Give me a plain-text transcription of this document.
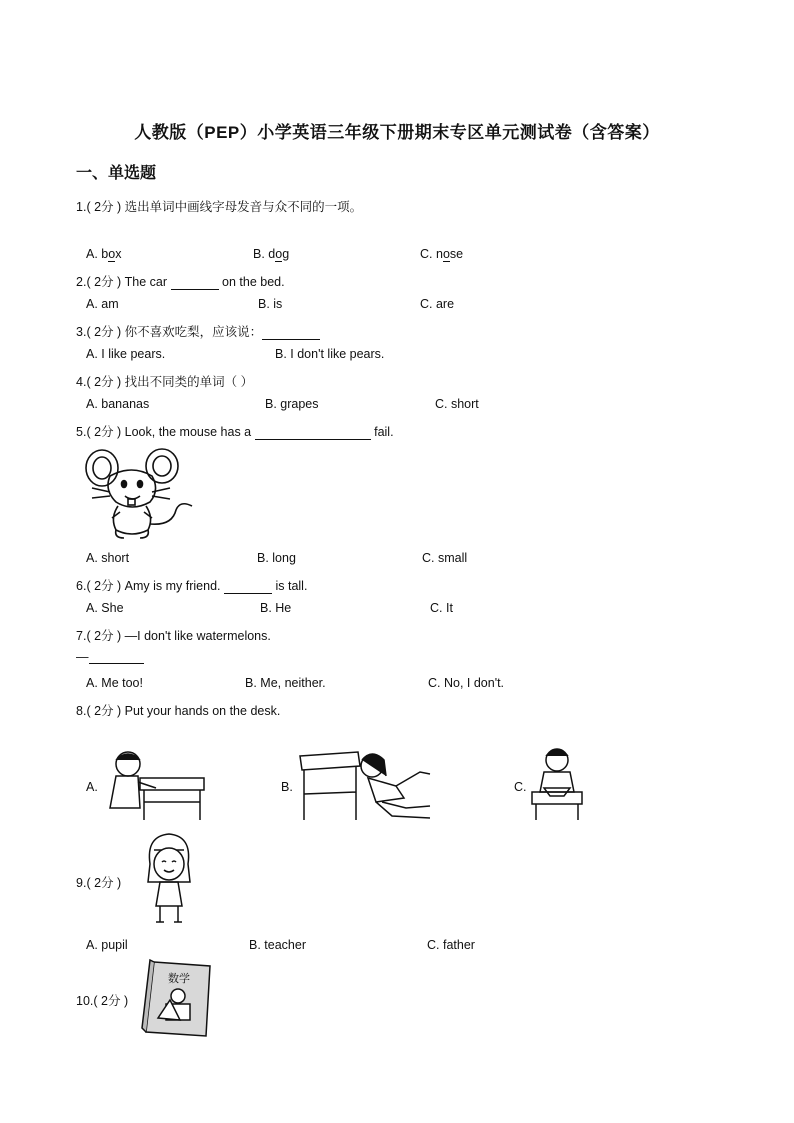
人教版（PEP）小学英语三年级下册期末专区单元测试卷（含答案）
一、单选题
1.( 2分 ) 选出单词中画线字母发音与众不同的一项。
A. box	B. dog	C. nose
2.( 2分 ) The car	on the bed.
A. am	B. is	C. are
3.( 2分 ) 你不喜欢吃梨，应该说：
A. I like pears.	B. I don't like pears.
4.( 2分 ) 找出不同类的单词（ ）
A. bananas	B. grapes	C. short
5.( 2分 ) Look, the mouse has a	fail.
A. short	B. long	C. small
6.( 2分 ) Amy is my friend.	is tall.
A. She	B. He	C. It
7.( 2分 ) —I don't like watermelons.
—
A. Me too!	B. Me, neither.	C. No, I don't.
8.( 2分 ) Put your hands on the desk.
A.	B.	C.
9.( 2分 )
A. pupil	B. teacher	C. father
10.( 2分 )
数学
